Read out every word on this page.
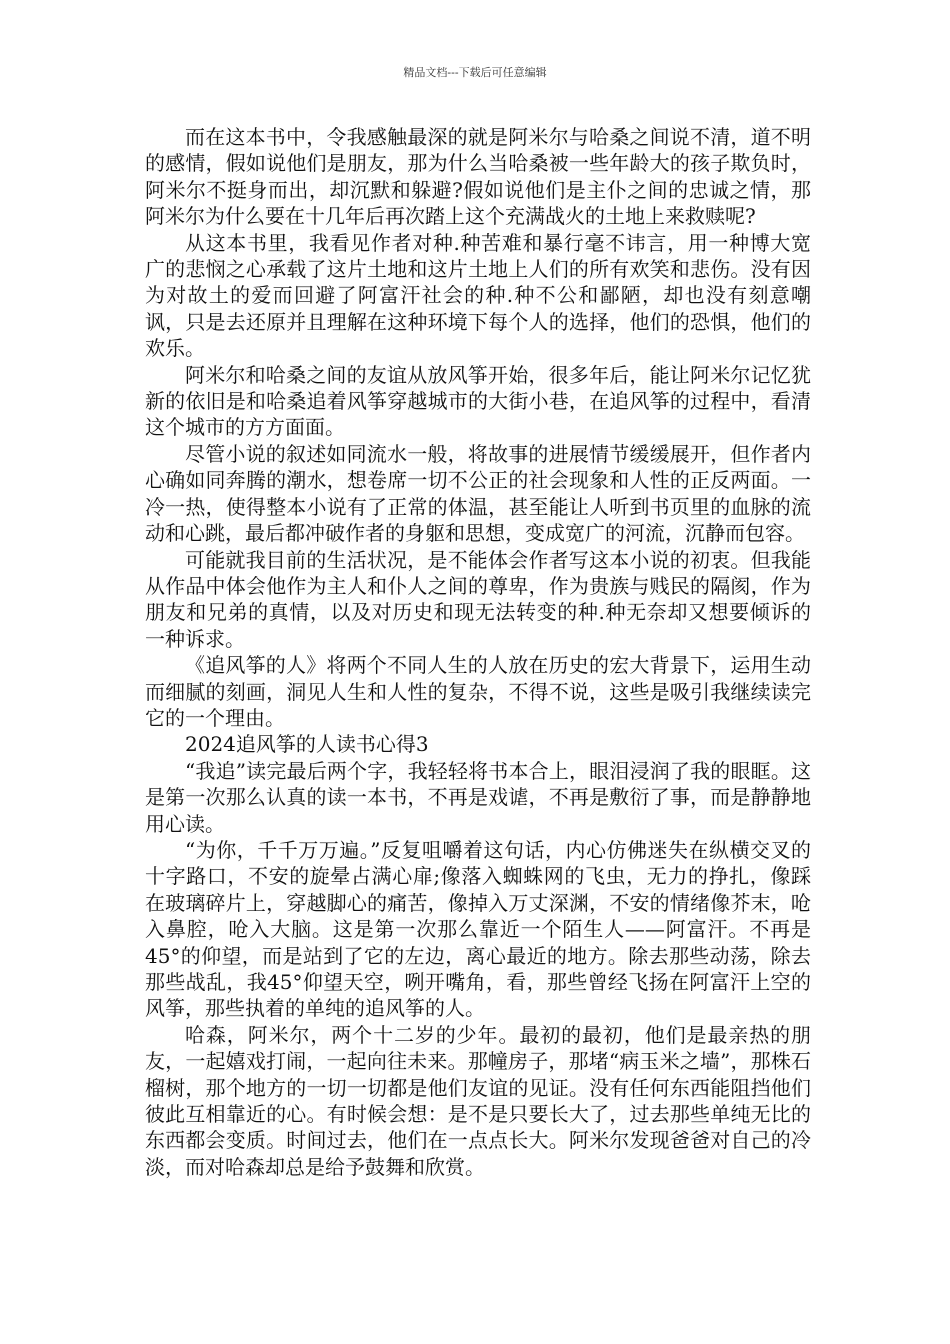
精品文档---下载后可任意编辑

而在这本书中，令我感触最深的就是阿米尔与哈桑之间说不清，道不明的感情，假如说他们是朋友，那为什么当哈桑被一些年龄大的孩子欺负时，阿米尔不挺身而出，却沉默和躲避?假如说他们是主仆之间的忠诚之情，那阿米尔为什么要在十几年后再次踏上这个充满战火的土地上来救赎呢?

从这本书里，我看见作者对种.种苦难和暴行毫不讳言，用一种博大宽广的悲悯之心承载了这片土地和这片土地上人们的所有欢笑和悲伤。没有因为对故土的爱而回避了阿富汗社会的种.种不公和鄙陋，却也没有刻意嘲讽，只是去还原并且理解在这种环境下每个人的选择，他们的恐惧，他们的欢乐。

阿米尔和哈桑之间的友谊从放风筝开始，很多年后，能让阿米尔记忆犹新的依旧是和哈桑追着风筝穿越城市的大街小巷，在追风筝的过程中，看清这个城市的方方面面。

尽管小说的叙述如同流水一般，将故事的进展情节缓缓展开，但作者内心确如同奔腾的潮水，想卷席一切不公正的社会现象和人性的正反两面。一冷一热，使得整本小说有了正常的体温，甚至能让人听到书页里的血脉的流动和心跳，最后都冲破作者的身躯和思想，变成宽广的河流，沉静而包容。

可能就我目前的生活状况，是不能体会作者写这本小说的初衷。但我能从作品中体会他作为主人和仆人之间的尊卑，作为贵族与贱民的隔阂，作为朋友和兄弟的真情，以及对历史和现无法转变的种.种无奈却又想要倾诉的一种诉求。

《追风筝的人》将两个不同人生的人放在历史的宏大背景下，运用生动而细腻的刻画，洞见人生和人性的复杂，不得不说，这些是吸引我继续读完它的一个理由。

2024追风筝的人读书心得3

“我追”读完最后两个字，我轻轻将书本合上，眼泪浸润了我的眼眶。这是第一次那么认真的读一本书，不再是戏谑，不再是敷衍了事，而是静静地用心读。

“为你，千千万万遍。”反复咀嚼着这句话，内心仿佛迷失在纵横交叉的十字路口，不安的旋晕占满心扉;像落入蜘蛛网的飞虫，无力的挣扎，像踩在玻璃碎片上，穿越脚心的痛苦，像掉入万丈深渊，不安的情绪像芥末，呛入鼻腔，呛入大脑。这是第一次那么靠近一个陌生人——阿富汗。不再是45°的仰望，而是站到了它的左边，离心最近的地方。除去那些动荡，除去那些战乱，我45°仰望天空，咧开嘴角，看，那些曾经飞扬在阿富汗上空的风筝，那些执着的单纯的追风筝的人。

哈森，阿米尔，两个十二岁的少年。最初的最初，他们是最亲热的朋友，一起嬉戏打闹，一起向往未来。那幢房子，那堵“病玉米之墙”，那株石榴树，那个地方的一切一切都是他们友谊的见证。没有任何东西能阻挡他们彼此互相靠近的心。有时候会想：是不是只要长大了，过去那些单纯无比的东西都会变质。时间过去，他们在一点点长大。阿米尔发现爸爸对自己的冷淡，而对哈森却总是给予鼓舞和欣赏。
